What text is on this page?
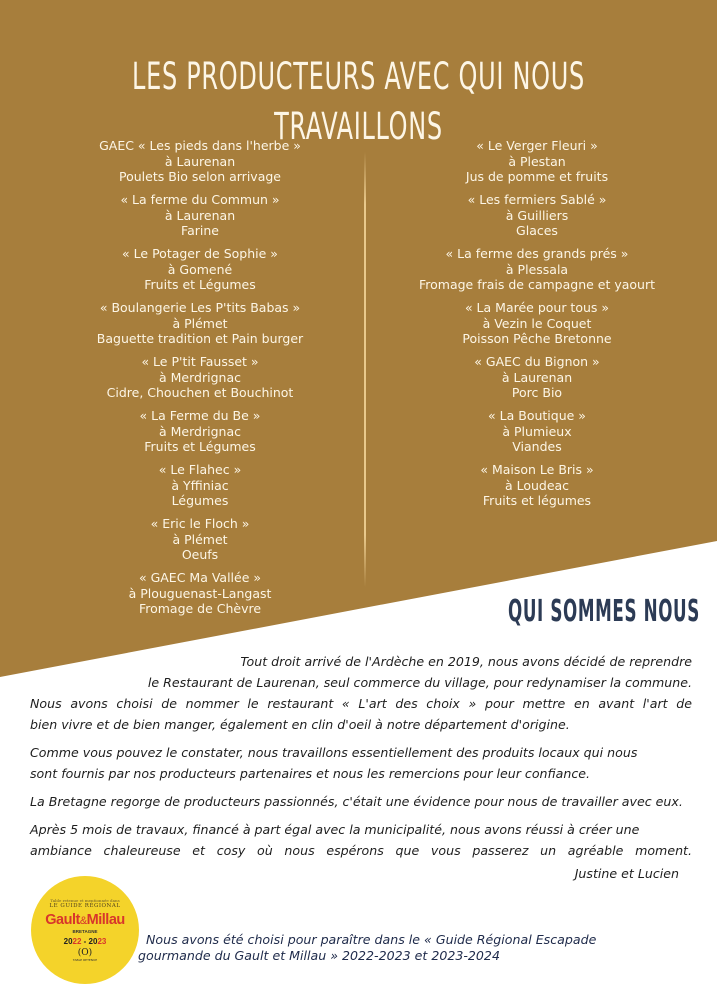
LES PRODUCTEURS AVEC QUI NOUS TRAVAILLONS
GAEC « Les pieds dans l'herbe »
à Laurenan
Poulets Bio selon arrivage
« La ferme du Commun »
à Laurenan
Farine
« Le Potager de Sophie »
à Gomené
Fruits et Légumes
« Boulangerie Les P'tits Babas »
à Plémet
Baguette tradition et Pain burger
« Le P'tit Fausset »
à Merdrignac
Cidre, Chouchen et Bouchinot
« La Ferme du Be »
à Merdrignac
Fruits et Légumes
« Le Flahec »
à Yffiniac
Légumes
« Eric le Floch »
à Plémet
Oeufs
« GAEC Ma Vallée »
à Plouguenast-Langast
Fromage de Chèvre
« Le Verger Fleuri »
à Plestan
Jus de pomme et fruits
« Les fermiers Sablé »
à Guilliers
Glaces
« La ferme des grands prés »
à Plessala
Fromage frais de campagne et yaourt
« La Marée pour tous »
à Vezin le Coquet
Poisson Pêche Bretonne
« GAEC du Bignon »
à Laurenan
Porc Bio
« La Boutique »
à Plumieux
Viandes
« Maison Le Bris »
à Loudeac
Fruits et légumes
QUI SOMMES NOUS

Tout droit arrivé de l'Ardèche en 2019, nous avons décidé de reprendre
le Restaurant de Laurenan, seul commerce du village, pour redynamiser la commune.
Nous avons choisi de nommer le restaurant « L'art des choix » pour mettre en avant l'art de
bien vivre et de bien manger, également en clin d'oeil à notre département d'origine.

Comme vous pouvez le constater, nous travaillons essentiellement des produits locaux qui nous
sont fournis par nos producteurs partenaires et nous les remercions pour leur confiance.

La Bretagne regorge de producteurs passionnés, c'était une évidence pour nous de travailler avec eux.

Après 5 mois de travaux, financé à part égal avec la municipalité, nous avons réussi à créer une
ambiance chaleureuse et cosy où nous espérons que vous passerez un agréable moment.

Justine et Lucien
Table retenue et mentionnée dans
LE GUIDE RÉGIONAL
Gault&Millau
BRETAGNE
2022 - 2023
(O)
TABLE RETENUE
Nous avons été choisi pour paraître dans le « Guide Régional Escapade
gourmande du Gault et Millau » 2022-2023 et 2023-2024
